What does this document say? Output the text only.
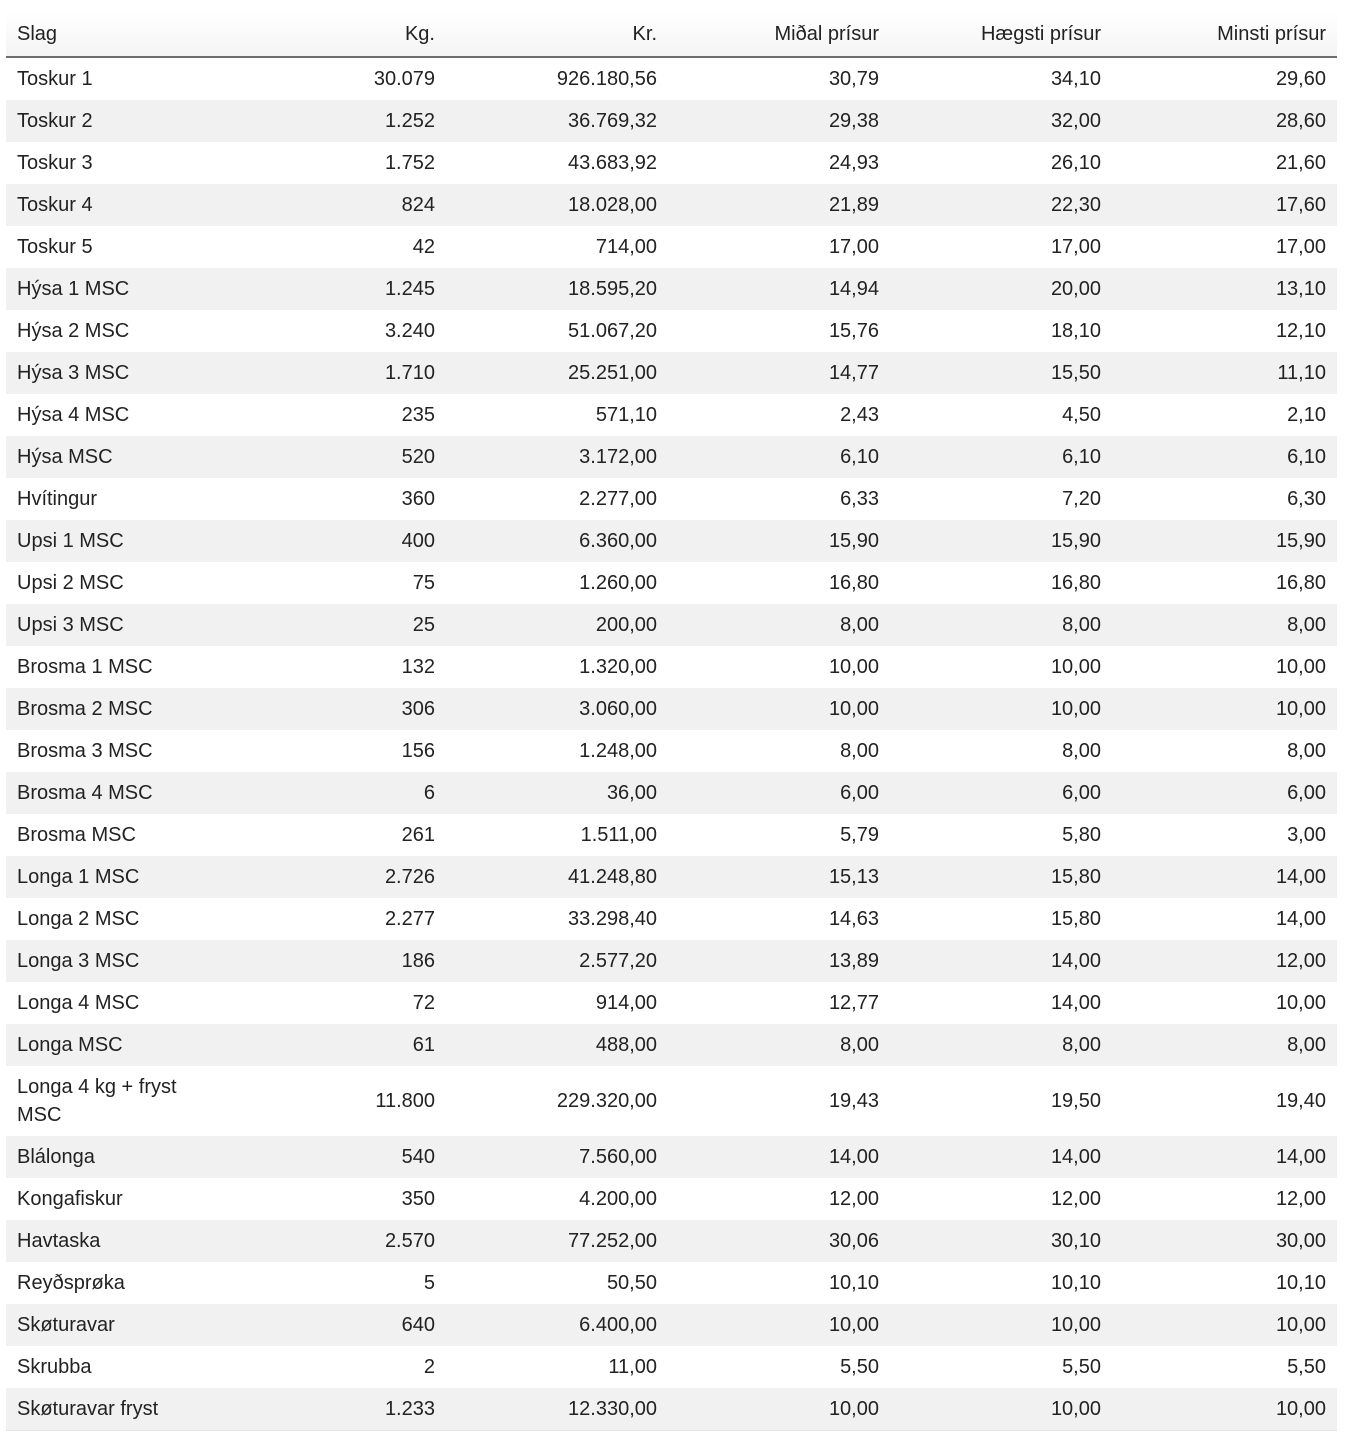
Slag	Kg.	Kr.	Miðal prísur	Hægsti prísur	Minsti prísur
Toskur 1	30.079	926.180,56	30,79	34,10	29,60
Toskur 2	1.252	36.769,32	29,38	32,00	28,60
Toskur 3	1.752	43.683,92	24,93	26,10	21,60
Toskur 4	824	18.028,00	21,89	22,30	17,60
Toskur 5	42	714,00	17,00	17,00	17,00
Hýsa 1 MSC	1.245	18.595,20	14,94	20,00	13,10
Hýsa 2 MSC	3.240	51.067,20	15,76	18,10	12,10
Hýsa 3 MSC	1.710	25.251,00	14,77	15,50	11,10
Hýsa 4 MSC	235	571,10	2,43	4,50	2,10
Hýsa MSC	520	3.172,00	6,10	6,10	6,10
Hvítingur	360	2.277,00	6,33	7,20	6,30
Upsi 1 MSC	400	6.360,00	15,90	15,90	15,90
Upsi 2 MSC	75	1.260,00	16,80	16,80	16,80
Upsi 3 MSC	25	200,00	8,00	8,00	8,00
Brosma 1 MSC	132	1.320,00	10,00	10,00	10,00
Brosma 2 MSC	306	3.060,00	10,00	10,00	10,00
Brosma 3 MSC	156	1.248,00	8,00	8,00	8,00
Brosma 4 MSC	6	36,00	6,00	6,00	6,00
Brosma MSC	261	1.511,00	5,79	5,80	3,00
Longa 1 MSC	2.726	41.248,80	15,13	15,80	14,00
Longa 2 MSC	2.277	33.298,40	14,63	15,80	14,00
Longa 3 MSC	186	2.577,20	13,89	14,00	12,00
Longa 4 MSC	72	914,00	12,77	14,00	10,00
Longa MSC	61	488,00	8,00	8,00	8,00
Longa 4 kg + fryst MSC	11.800	229.320,00	19,43	19,50	19,40
Blálonga	540	7.560,00	14,00	14,00	14,00
Kongafiskur	350	4.200,00	12,00	12,00	12,00
Havtaska	2.570	77.252,00	30,06	30,10	30,00
Reyðsprøka	5	50,50	10,10	10,10	10,10
Skøturavar	640	6.400,00	10,00	10,00	10,00
Skrubba	2	11,00	5,50	5,50	5,50
Skøturavar fryst	1.233	12.330,00	10,00	10,00	10,00
